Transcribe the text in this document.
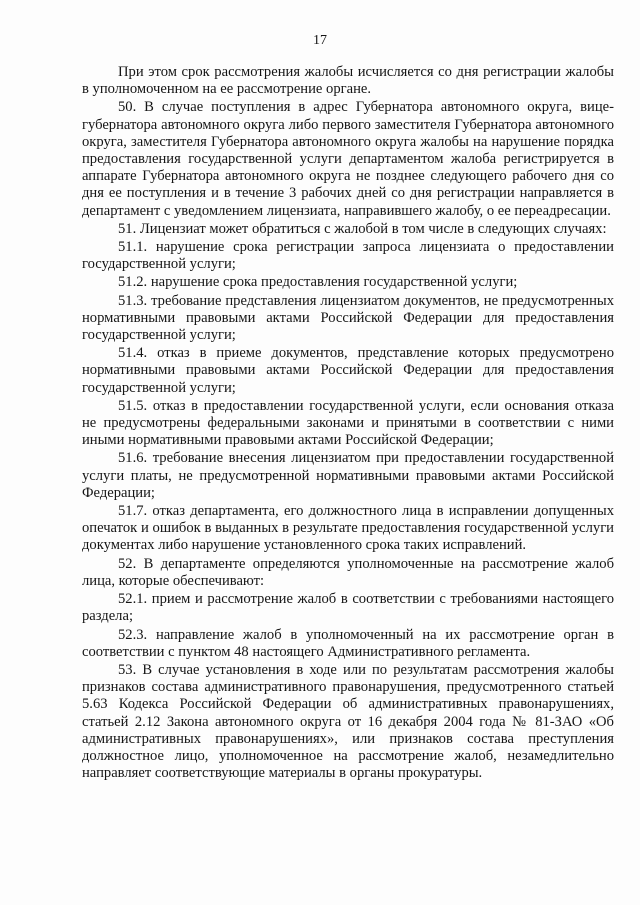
17

При этом срок рассмотрения жалобы исчисляется со дня регистрации жалобы в уполномоченном на ее рассмотрение органе.

50. В случае поступления в адрес Губернатора автономного округа, вице-губернатора автономного округа либо первого заместителя Губернатора автономного округа, заместителя Губернатора автономного округа жалобы на нарушение порядка предоставления государственной услуги департаментом жалоба регистрируется в аппарате Губернатора автономного округа не позднее следующего рабочего дня со дня ее поступления и в течение 3 рабочих дней со дня регистрации направляется в департамент с уведомлением лицензиата, направившего жалобу, о ее переадресации.

51. Лицензиат может обратиться с жалобой в том числе в следующих случаях:

51.1. нарушение срока регистрации запроса лицензиата о предоставлении государственной услуги;

51.2. нарушение срока предоставления государственной услуги;

51.3. требование представления лицензиатом документов, не предусмотренных нормативными правовыми актами Российской Федерации для предоставления государственной услуги;

51.4. отказ в приеме документов, представление которых предусмотрено нормативными правовыми актами Российской Федерации для предоставления государственной услуги;

51.5. отказ в предоставлении государственной услуги, если основания отказа не предусмотрены федеральными законами и принятыми в соответствии с ними иными нормативными правовыми актами Российской Федерации;

51.6. требование внесения лицензиатом при предоставлении государственной услуги платы, не предусмотренной нормативными правовыми актами Российской Федерации;

51.7. отказ департамента, его должностного лица в исправлении допущенных опечаток и ошибок в выданных в результате предоставления государственной услуги документах либо нарушение установленного срока таких исправлений.

52. В департаменте определяются уполномоченные на рассмотрение жалоб лица, которые обеспечивают:

52.1. прием и рассмотрение жалоб в соответствии с требованиями настоящего раздела;

52.3. направление жалоб в уполномоченный на их рассмотрение орган в соответствии с пунктом 48 настоящего Административного регламента.

53. В случае установления в ходе или по результатам рассмотрения жалобы признаков состава административного правонарушения, предусмотренного статьей 5.63 Кодекса Российской Федерации об административных правонарушениях, статьей 2.12 Закона автономного округа от 16 декабря 2004 года № 81-ЗАО «Об административных правонарушениях», или признаков состава преступления должностное лицо, уполномоченное на рассмотрение жалоб, незамедлительно направляет соответствующие материалы в органы прокуратуры.
